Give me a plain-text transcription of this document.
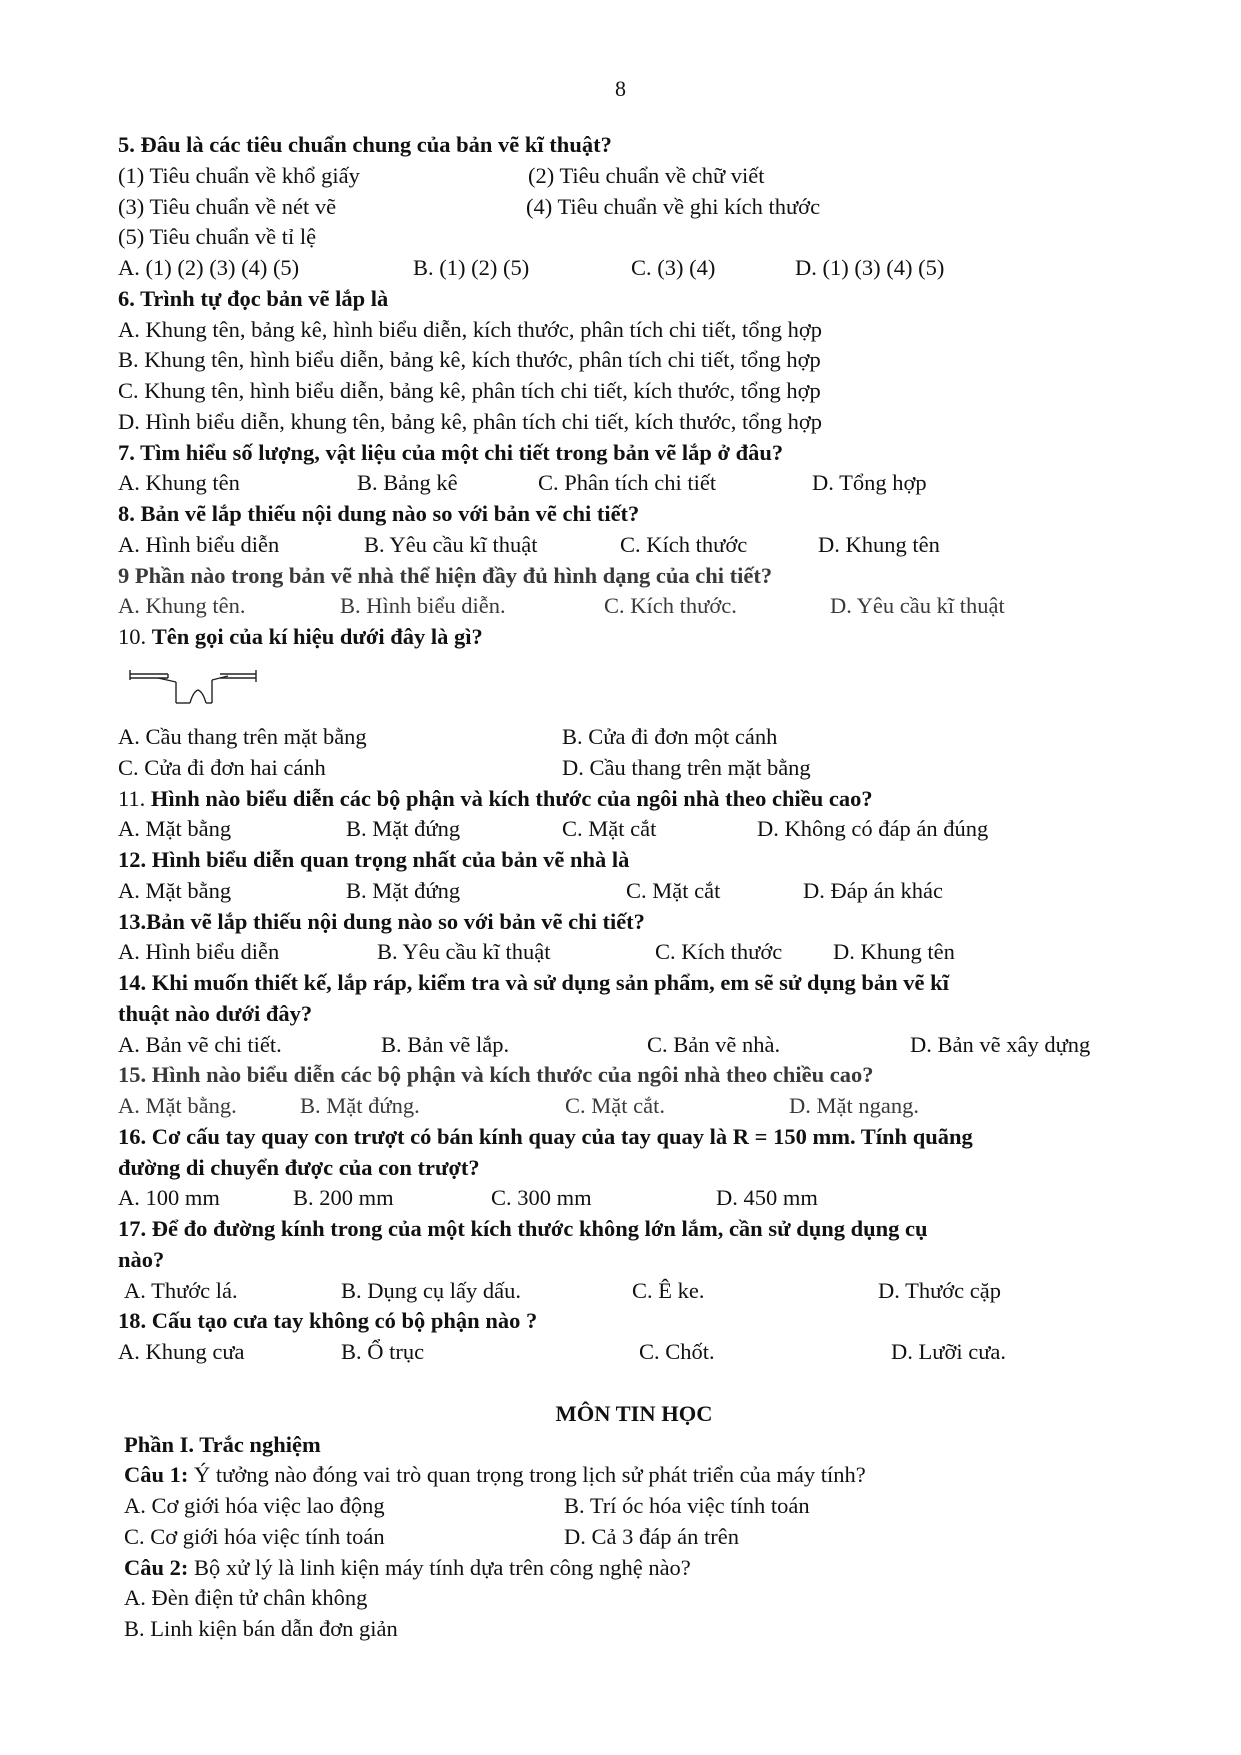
8
5. Đâu là các tiêu chuẩn chung của bản vẽ kĩ thuật?
(1) Tiêu chuẩn về khổ giấy	(2) Tiêu chuẩn về chữ viết
(3) Tiêu chuẩn về nét vẽ	(4) Tiêu chuẩn về ghi kích thước
(5) Tiêu chuẩn về tỉ lệ
A. (1) (2) (3) (4) (5)	B. (1) (2) (5)	C. (3) (4)	D. (1) (3) (4) (5)
6. Trình tự đọc bản vẽ lắp là
A. Khung tên, bảng kê, hình biểu diễn, kích thước, phân tích chi tiết, tổng hợp
B. Khung tên, hình biểu diễn, bảng kê, kích thước, phân tích chi tiết, tổng hợp
C. Khung tên, hình biểu diễn, bảng kê, phân tích chi tiết, kích thước, tổng hợp
D. Hình biểu diễn, khung tên, bảng kê, phân tích chi tiết, kích thước, tổng hợp
7. Tìm hiểu số lượng, vật liệu của một chi tiết trong bản vẽ lắp ở đâu?
A. Khung tên	B. Bảng kê	C. Phân tích chi tiết	D. Tổng hợp
8. Bản vẽ lắp thiếu nội dung nào so với bản vẽ chi tiết?
A. Hình biểu diễn	B. Yêu cầu kĩ thuật	C. Kích thước	D. Khung tên
9 Phần nào trong bản vẽ nhà thể hiện đầy đủ hình dạng của chi tiết?
A. Khung tên.	B. Hình biểu diễn.	C. Kích thước.	D. Yêu cầu kĩ thuật
10. Tên gọi của kí hiệu dưới đây là gì?
A. Cầu thang trên mặt bằng	B. Cửa đi đơn một cánh
C. Cửa đi đơn hai cánh	D. Cầu thang trên mặt bằng
11. Hình nào biểu diễn các bộ phận và kích thước của ngôi nhà theo chiều cao?
A. Mặt bằng	B. Mặt đứng	C. Mặt cắt	D. Không có đáp án đúng
12. Hình biểu diễn quan trọng nhất của bản vẽ nhà là
A. Mặt bằng	B. Mặt đứng	C. Mặt cắt	D. Đáp án khác
13.Bản vẽ lắp thiếu nội dung nào so với bản vẽ chi tiết?
A. Hình biểu diễn	B. Yêu cầu kĩ thuật	C. Kích thước D. Khung tên
14. Khi muốn thiết kế, lắp ráp, kiểm tra và sử dụng sản phẩm, em sẽ sử dụng bản vẽ kĩ
thuật nào dưới đây?
A. Bản vẽ chi tiết.	B. Bản vẽ lắp.	C. Bản vẽ nhà.	D. Bản vẽ xây dựng
15. Hình nào biểu diễn các bộ phận và kích thước của ngôi nhà theo chiều cao?
A. Mặt bằng.	B. Mặt đứng.	C. Mặt cắt.	D. Mặt ngang.
16. Cơ cấu tay quay con trượt có bán kính quay của tay quay là R = 150 mm. Tính quãng
đường di chuyển được của con trượt?
A. 100 mm	B. 200 mm	C. 300 mm	D. 450 mm
17. Để đo đường kính trong của một kích thước không lớn lắm, cần sử dụng dụng cụ
nào?
A. Thước lá.	B. Dụng cụ lấy dấu.	C. Ê ke.	D. Thước cặp
18. Cấu tạo cưa tay không có bộ phận nào ?
A. Khung cưa	B. Ổ trục	C. Chốt.	D. Lưỡi cưa.
MÔN TIN HỌC
Phần I. Trắc nghiệm
Câu 1: Ý tưởng nào đóng vai trò quan trọng trong lịch sử phát triển của máy tính?
A. Cơ giới hóa việc lao động	B. Trí óc hóa việc tính toán
C. Cơ giới hóa việc tính toán	D. Cả 3 đáp án trên
Câu 2: Bộ xử lý là linh kiện máy tính dựa trên công nghệ nào?
A. Đèn điện tử chân không
B. Linh kiện bán dẫn đơn giản
